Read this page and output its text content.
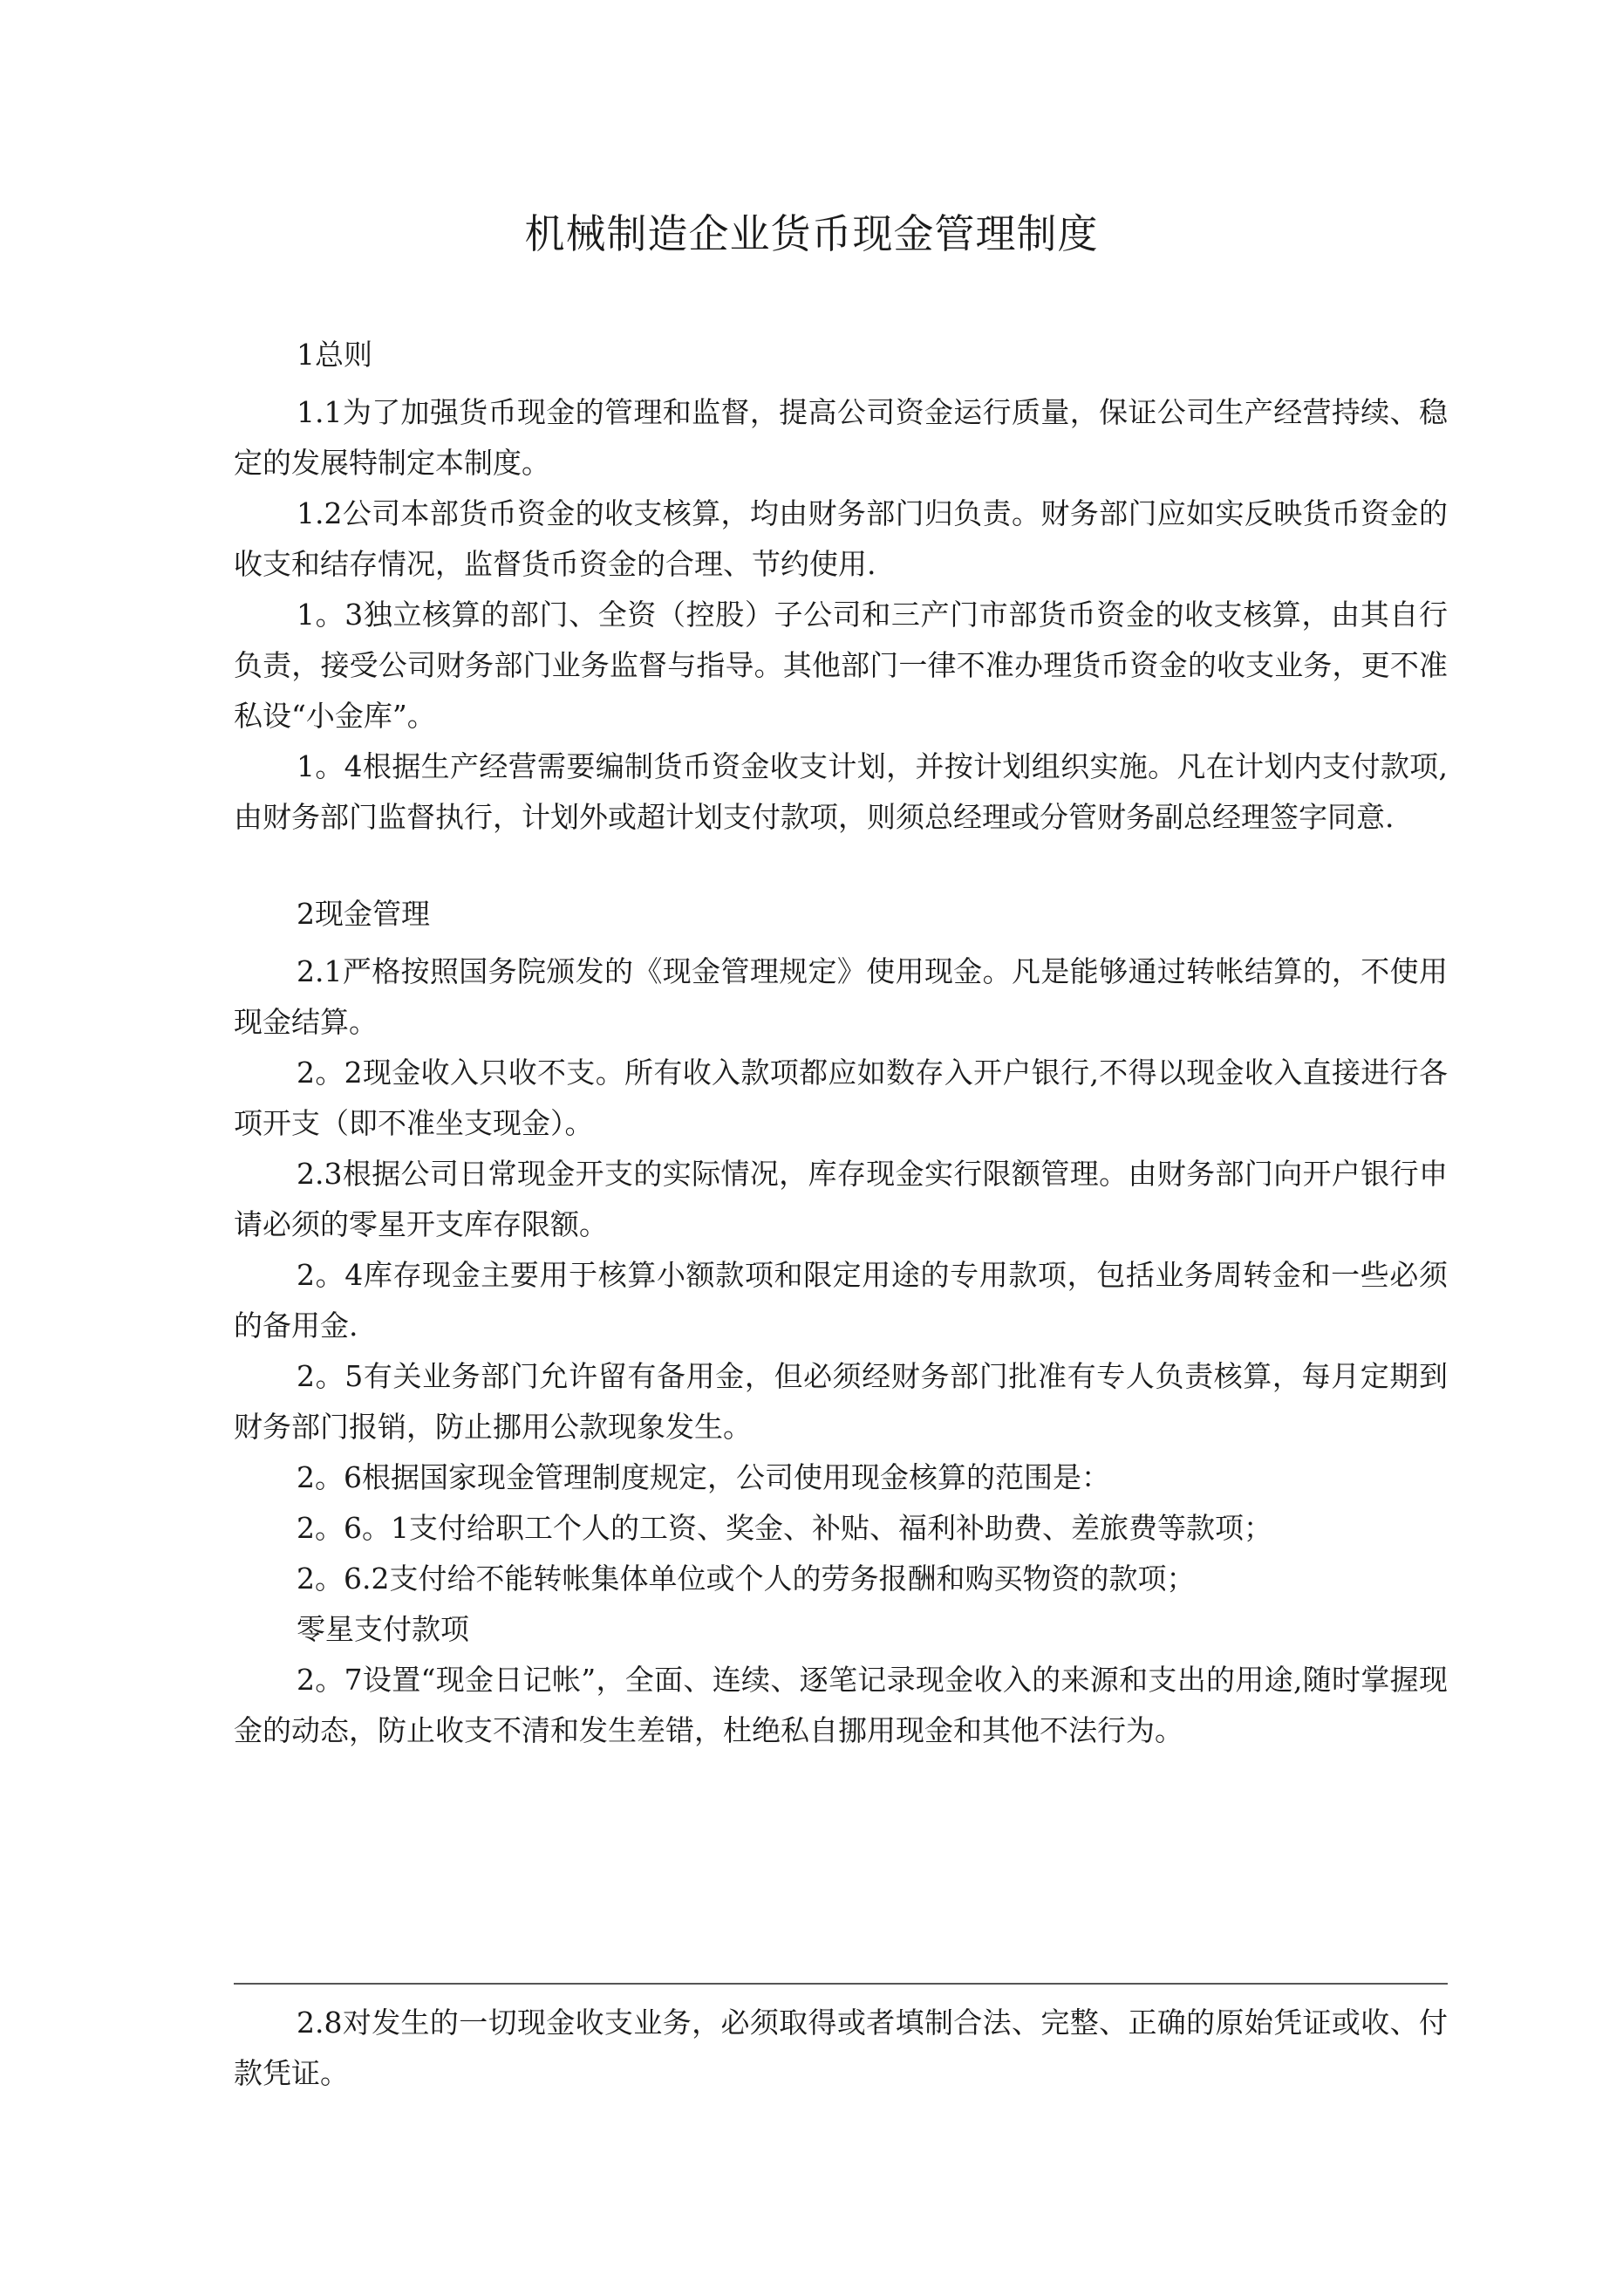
机械制造企业货币现金管理制度

1总则

1.1为了加强货币现金的管理和监督，提高公司资金运行质量，保证公司生产经营持续、稳定的发展特制定本制度。

1.2公司本部货币资金的收支核算，均由财务部门归负责。财务部门应如实反映货币资金的收支和结存情况，监督货币资金的合理、节约使用.

1。3独立核算的部门、全资（控股）子公司和三产门市部货币资金的收支核算，由其自行负责，接受公司财务部门业务监督与指导。其他部门一律不准办理货币资金的收支业务，更不准私设“小金库”。

1。4根据生产经营需要编制货币资金收支计划，并按计划组织实施。凡在计划内支付款项,由财务部门监督执行，计划外或超计划支付款项，则须总经理或分管财务副总经理签字同意.

2现金管理

2.1严格按照国务院颁发的《现金管理规定》使用现金。凡是能够通过转帐结算的，不使用现金结算。

2。2现金收入只收不支。所有收入款项都应如数存入开户银行,不得以现金收入直接进行各项开支（即不准坐支现金）。

2.3根据公司日常现金开支的实际情况，库存现金实行限额管理。由财务部门向开户银行申请必须的零星开支库存限额。

2。4库存现金主要用于核算小额款项和限定用途的专用款项，包括业务周转金和一些必须的备用金.

2。5有关业务部门允许留有备用金，但必须经财务部门批准有专人负责核算，每月定期到财务部门报销，防止挪用公款现象发生。

2。6根据国家现金管理制度规定，公司使用现金核算的范围是：

2。6。1支付给职工个人的工资、奖金、补贴、福利补助费、差旅费等款项；

2。6.2支付给不能转帐集体单位或个人的劳务报酬和购买物资的款项；

零星支付款项

2。7设置“现金日记帐”，全面、连续、逐笔记录现金收入的来源和支出的用途,随时掌握现金的动态，防止收支不清和发生差错，杜绝私自挪用现金和其他不法行为。

2.8对发生的一切现金收支业务，必须取得或者填制合法、完整、正确的原始凭证或收、付款凭证。
